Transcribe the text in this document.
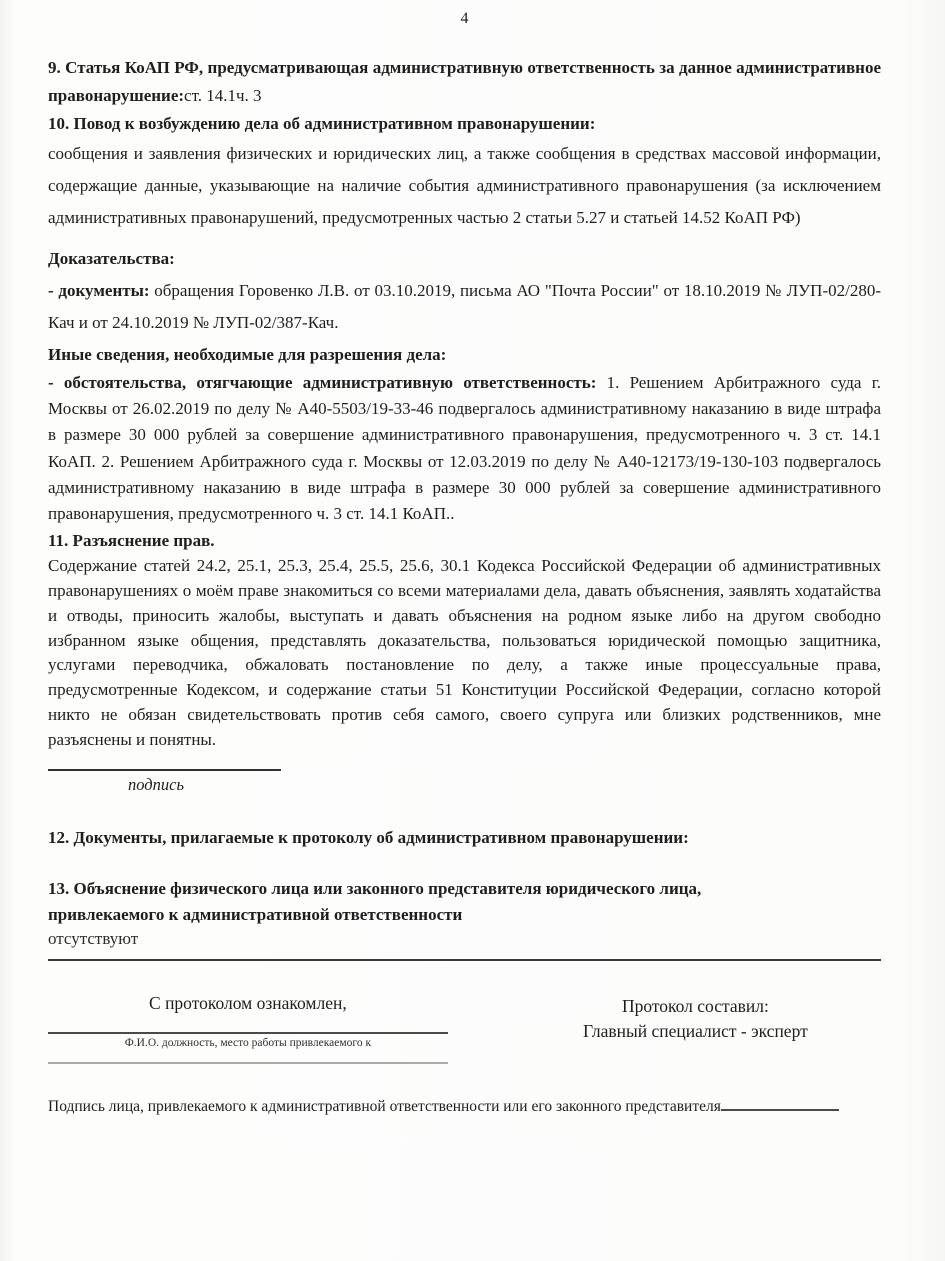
4

9. Статья КоАП РФ, предусматривающая административную ответственность за данное административное правонарушение:ст. 14.1ч. 3

10. Повод к возбуждению дела об административном правонарушении:

сообщения и заявления физических и юридических лиц, а также сообщения в средствах массовой информации, содержащие данные, указывающие на наличие события административного правонарушения (за исключением административных правонарушений, предусмотренных частью 2 статьи 5.27 и статьей 14.52 КоАП РФ)

Доказательства:

- документы: обращения Горовенко Л.В. от 03.10.2019, письма АО "Почта России" от 18.10.2019 № ЛУП-02/280-Кач и от 24.10.2019 № ЛУП-02/387-Кач.

Иные сведения, необходимые для разрешения дела:

- обстоятельства, отягчающие административную ответственность: 1. Решением Арбитражного суда г. Москвы от 26.02.2019 по делу № А40-5503/19-33-46 подвергалось административному наказанию в виде штрафа в размере 30 000 рублей за совершение административного правонарушения, предусмотренного ч. 3 ст. 14.1 КоАП. 2. Решением Арбитражного суда г. Москвы от 12.03.2019 по делу № А40-12173/19-130-103 подвергалось административному наказанию в виде штрафа в размере 30 000 рублей за совершение административного правонарушения, предусмотренного ч. 3 ст. 14.1 КоАП..

11. Разъяснение прав.

Содержание статей 24.2, 25.1, 25.3, 25.4, 25.5, 25.6, 30.1 Кодекса Российской Федерации об административных правонарушениях о моём праве знакомиться со всеми материалами дела, давать объяснения, заявлять ходатайства и отводы, приносить жалобы, выступать и давать объяснения на родном языке либо на другом свободно избранном языке общения, представлять доказательства, пользоваться юридической помощью защитника, услугами переводчика, обжаловать постановление по делу, а также иные процессуальные права, предусмотренные Кодексом, и содержание статьи 51 Конституции Российской Федерации, согласно которой никто не обязан свидетельствовать против себя самого, своего супруга или близких родственников, мне разъяснены и понятны.

подпись

12. Документы, прилагаемые к протоколу об административном правонарушении:

13. Объяснение физического лица или законного представителя юридического лица,
привлекаемого к административной ответственности

отсутствуют

С протоколом ознакомлен,
Ф.И.О. должность, место работы привлекаемого к
Протокол составил:
Главный специалист - эксперт

Подпись лица, привлекаемого к административной ответственности или его законного представителя
